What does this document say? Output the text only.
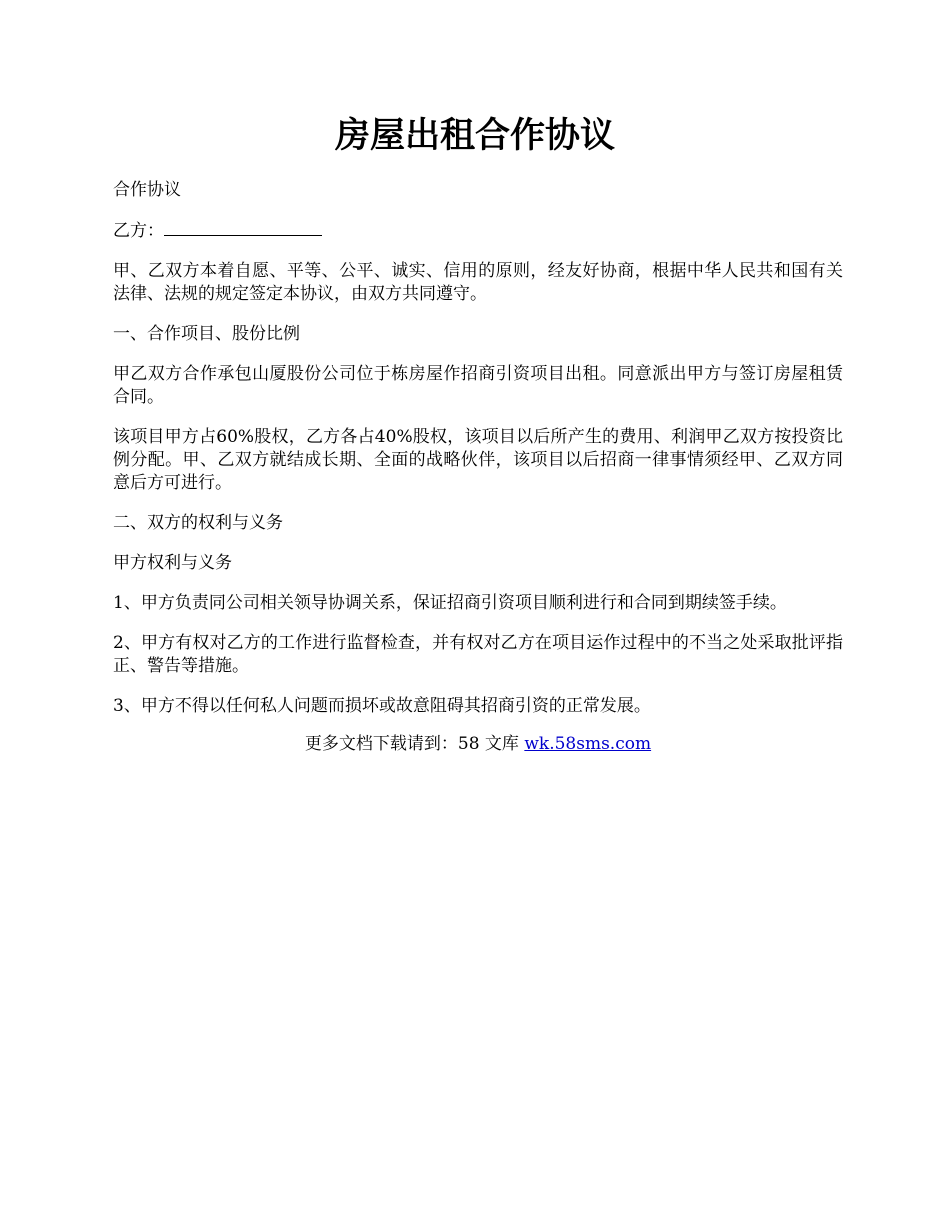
房屋出租合作协议

合作协议

乙方：

甲、乙双方本着自愿、平等、公平、诚实、信用的原则，经友好协商，根据中华人民共和国有关法律、法规的规定签定本协议，由双方共同遵守。

一、合作项目、股份比例

甲乙双方合作承包山厦股份公司位于栋房屋作招商引资项目出租。同意派出甲方与签订房屋租赁合同。

该项目甲方占60%股权，乙方各占40%股权，该项目以后所产生的费用、利润甲乙双方按投资比例分配。甲、乙双方就结成长期、全面的战略伙伴，该项目以后招商一律事情须经甲、乙双方同意后方可进行。

二、双方的权利与义务

甲方权利与义务

1、甲方负责同公司相关领导协调关系，保证招商引资项目顺利进行和合同到期续签手续。

2、甲方有权对乙方的工作进行监督检查，并有权对乙方在项目运作过程中的不当之处采取批评指正、警告等措施。

3、甲方不得以任何私人问题而损坏或故意阻碍其招商引资的正常发展。

更多文档下载请到：58 文库 wk.58sms.com
